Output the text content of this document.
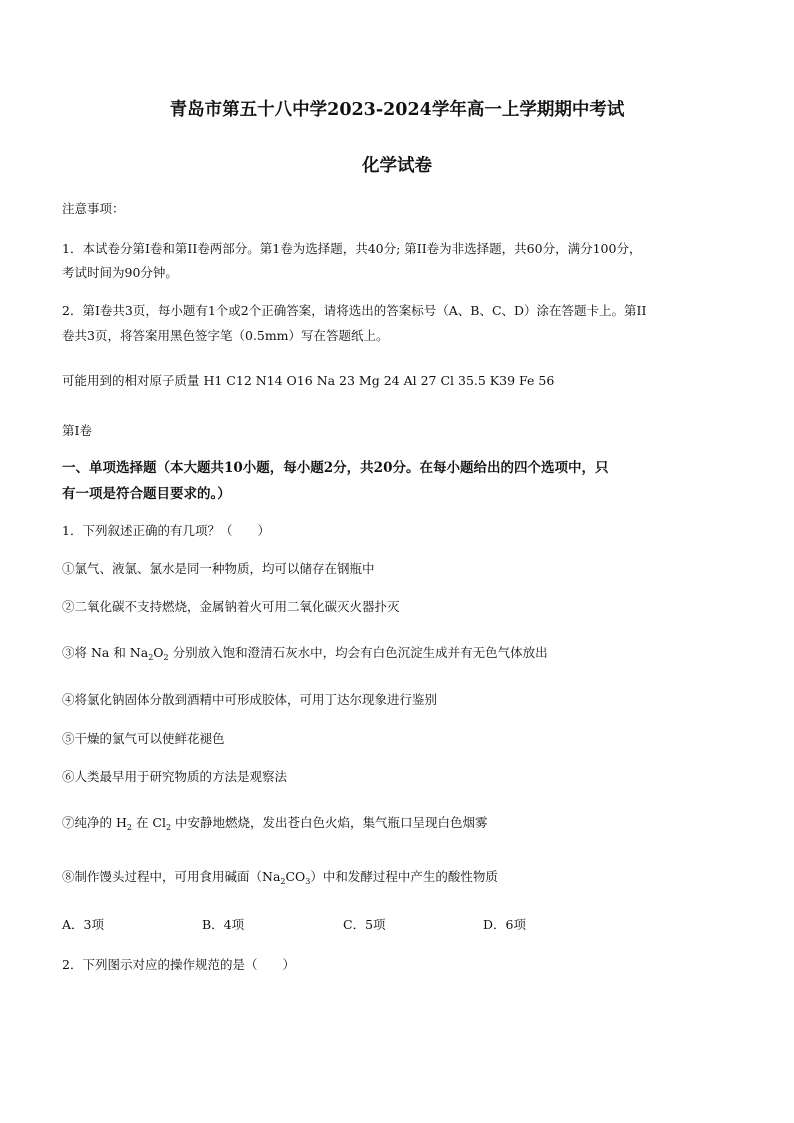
青岛市第五十八中学2023-2024学年高一上学期期中考试
化学试卷

注意事项：

1．本试卷分第I卷和第II卷两部分。第1卷为选择题，共40分; 第II卷为非选择题，共60分，满分100分，

考试时间为90分钟。

2．第I卷共3页，每小题有1个或2个正确答案，请将选出的答案标号（A、B、C、D）涂在答题卡上。第II

卷共3页，将答案用黑色签字笔（0.5mm）写在答题纸上。

可能用到的相对原子质量 H1 C12 N14 O16 Na 23 Mg 24 Al 27 Cl 35.5 K39 Fe 56

第I卷

一、单项选择题（本大题共10小题，每小题2分，共20分。在每小题给出的四个选项中，只

有一项是符合题目要求的。）

1．下列叙述正确的有几项？（　　）

①氯气、液氯、氯水是同一种物质，均可以储存在钢瓶中

②二氧化碳不支持燃烧，金属钠着火可用二氧化碳灭火器扑灭

③将 Na 和 $Na_2O_2$ 分别放入饱和澄清石灰水中，均会有白色沉淀生成并有无色气体放出

④将氯化钠固体分散到酒精中可形成胶体，可用丁达尔现象进行鉴别

⑤干燥的氯气可以使鲜花褪色

⑥人类最早用于研究物质的方法是观察法

⑦纯净的 $H_2$ 在 $Cl_2$ 中安静地燃烧，发出苍白色火焰，集气瓶口呈现白色烟雾

⑧制作馒头过程中，可用食用碱面$(Na_2CO_3)$中和发酵过程中产生的酸性物质

A．3项	B．4项	C．5项	D．6项

2．下列图示对应的操作规范的是（　　）
